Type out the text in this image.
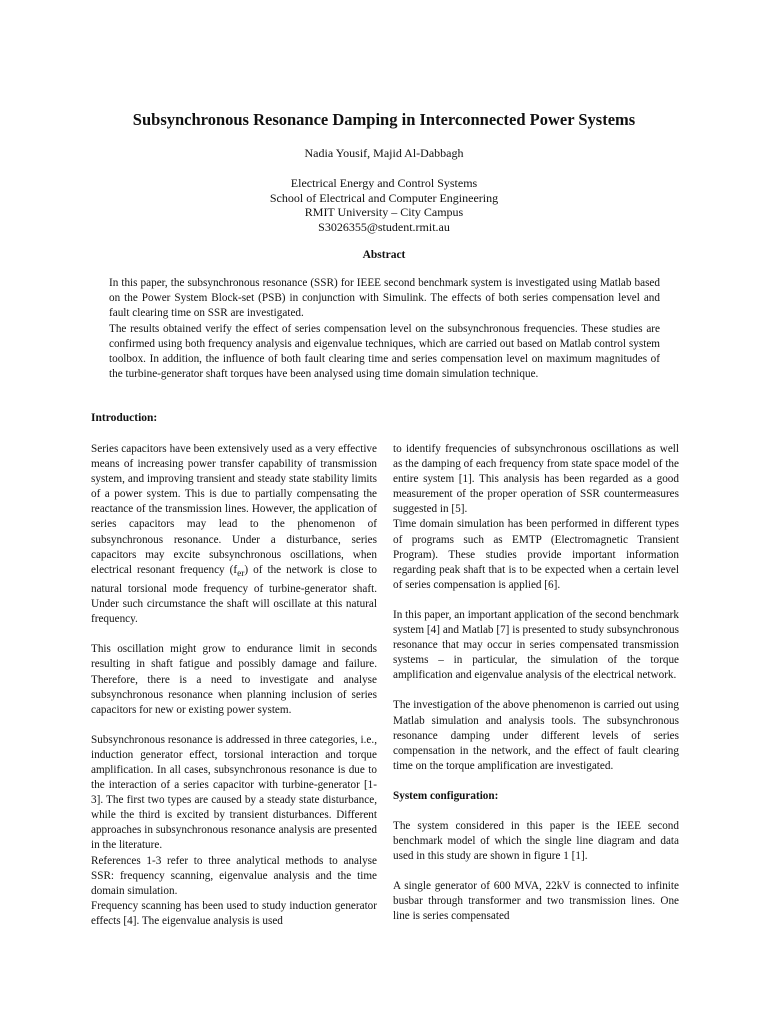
Subsynchronous Resonance Damping in Interconnected Power Systems
Nadia Yousif, Majid Al-Dabbagh
Electrical Energy and Control Systems
School of Electrical and Computer Engineering
RMIT University – City Campus
S3026355@student.rmit.au
Abstract

In this paper, the subsynchronous resonance (SSR) for IEEE second benchmark system is investigated using Matlab based on the Power System Block-set (PSB) in conjunction with Simulink. The effects of both series compensation level and fault clearing time on SSR are investigated.

The results obtained verify the effect of series compensation level on the subsynchronous frequencies. These studies are confirmed using both frequency analysis and eigenvalue techniques, which are carried out based on Matlab control system toolbox. In addition, the influence of both fault clearing time and series compensation level on maximum magnitudes of the turbine-generator shaft torques have been analysed using time domain simulation technique.

Introduction:

Series capacitors have been extensively used as a very effective means of increasing power transfer capability of transmission system, and improving transient and steady state stability limits of a power system. This is due to partially compensating the reactance of the transmission lines. However, the application of series capacitors may lead to the phenomenon of subsynchronous resonance. Under a disturbance, series capacitors may excite subsynchronous oscillations, when electrical resonant frequency $(f_{er})$ of the network is close to natural torsional mode frequency of turbine-generator shaft. Under such circumstance the shaft will oscillate at this natural frequency.

This oscillation might grow to endurance limit in seconds resulting in shaft fatigue and possibly damage and failure. Therefore, there is a need to investigate and analyse subsynchronous resonance when planning inclusion of series capacitors for new or existing power system.

Subsynchronous resonance is addressed in three categories, i.e., induction generator effect, torsional interaction and torque amplification. In all cases, subsynchronous resonance is due to the interaction of a series capacitor with turbine-generator [1-3]. The first two types are caused by a steady state disturbance, while the third is excited by transient disturbances. Different approaches in subsynchronous resonance analysis are presented in the literature.

References 1-3 refer to three analytical methods to analyse SSR: frequency scanning, eigenvalue analysis and the time domain simulation.

Frequency scanning has been used to study induction generator effects [4]. The eigenvalue analysis is used

to identify frequencies of subsynchronous oscillations as well as the damping of each frequency from state space model of the entire system [1]. This analysis has been regarded as a good measurement of the proper operation of SSR countermeasures suggested in [5].

Time domain simulation has been performed in different types of programs such as EMTP (Electromagnetic Transient Program). These studies provide important information regarding peak shaft that is to be expected when a certain level of series compensation is applied [6].

In this paper, an important application of the second benchmark system [4] and Matlab [7] is presented to study subsynchronous resonance that may occur in series compensated transmission systems – in particular, the simulation of the torque amplification and eigenvalue analysis of the electrical network.

The investigation of the above phenomenon is carried out using Matlab simulation and analysis tools. The subsynchronous resonance damping under different levels of series compensation in the network, and the effect of fault clearing time on the torque amplification are investigated.

System configuration:

The system considered in this paper is the IEEE second benchmark model of which the single line diagram and data used in this study are shown in figure 1 [1].

A single generator of 600 MVA, 22kV is connected to infinite busbar through transformer and two transmission lines. One line is series compensated
